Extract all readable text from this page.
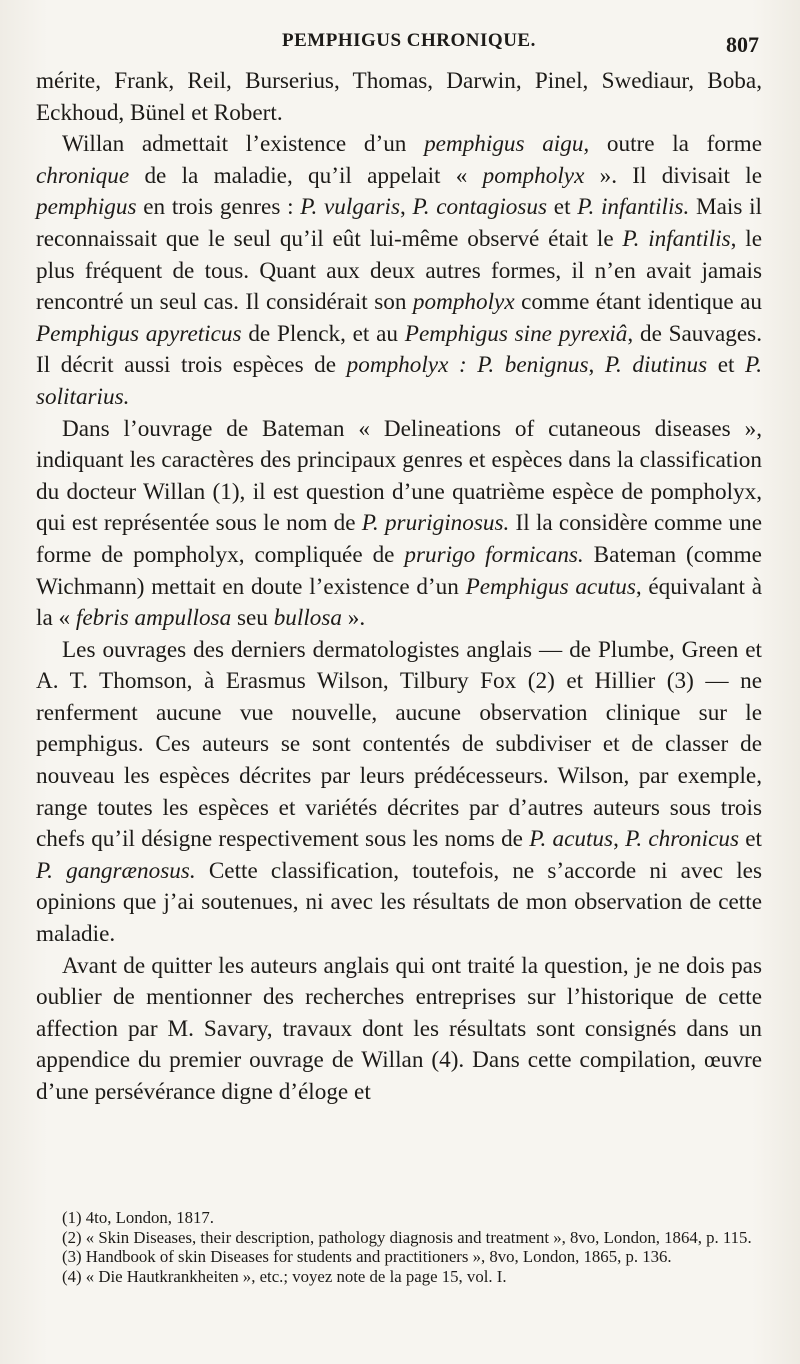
PEMPHIGUS CHRONIQUE.	807

mérite, Frank, Reil, Burserius, Thomas, Darwin, Pinel, Swediaur, Boba, Eckhoud, Bünel et Robert.

Willan admettait l’existence d’un pemphigus aigu, outre la forme chronique de la maladie, qu’il appelait « pompholyx ». Il divisait le pemphigus en trois genres : P. vulgaris, P. contagiosus et P. infantilis. Mais il reconnaissait que le seul qu’il eût lui-même observé était le P. infantilis, le plus fréquent de tous. Quant aux deux autres formes, il n’en avait jamais rencontré un seul cas. Il considérait son pompholyx comme étant identique au Pemphigus apyreticus de Plenck, et au Pemphigus sine pyrexiâ, de Sauvages. Il décrit aussi trois espèces de pompholyx : P. benignus, P. diutinus et P. solitarius.

Dans l’ouvrage de Bateman « Delineations of cutaneous diseases », indiquant les caractères des principaux genres et espèces dans la classification du docteur Willan (1), il est question d’une quatrième espèce de pompholyx, qui est représentée sous le nom de P. pruriginosus. Il la considère comme une forme de pompholyx, compliquée de prurigo formicans. Bateman (comme Wichmann) mettait en doute l’existence d’un Pemphigus acutus, équivalant à la « febris ampullosa seu bullosa ».

Les ouvrages des derniers dermatologistes anglais — de Plumbe, Green et A. T. Thomson, à Erasmus Wilson, Tilbury Fox (2) et Hillier (3) — ne renferment aucune vue nouvelle, aucune observation clinique sur le pemphigus. Ces auteurs se sont contentés de subdiviser et de classer de nouveau les espèces décrites par leurs prédécesseurs. Wilson, par exemple, range toutes les espèces et variétés décrites par d’autres auteurs sous trois chefs qu’il désigne respectivement sous les noms de P. acutus, P. chronicus et P. gangrænosus. Cette classification, toutefois, ne s’accorde ni avec les opinions que j’ai soutenues, ni avec les résultats de mon observation de cette maladie.

Avant de quitter les auteurs anglais qui ont traité la question, je ne dois pas oublier de mentionner des recherches entreprises sur l’historique de cette affection par M. Savary, travaux dont les résultats sont consignés dans un appendice du premier ouvrage de Willan (4). Dans cette compilation, œuvre d’une persévérance digne d’éloge et

(1) 4to, London, 1817.

(2) « Skin Diseases, their description, pathology diagnosis and treatment », 8vo, London, 1864, p. 115.

(3) Handbook of skin Diseases for students and practitioners », 8vo, London, 1865, p. 136.

(4) « Die Hautkrankheiten », etc.; voyez note de la page 15, vol. I.
